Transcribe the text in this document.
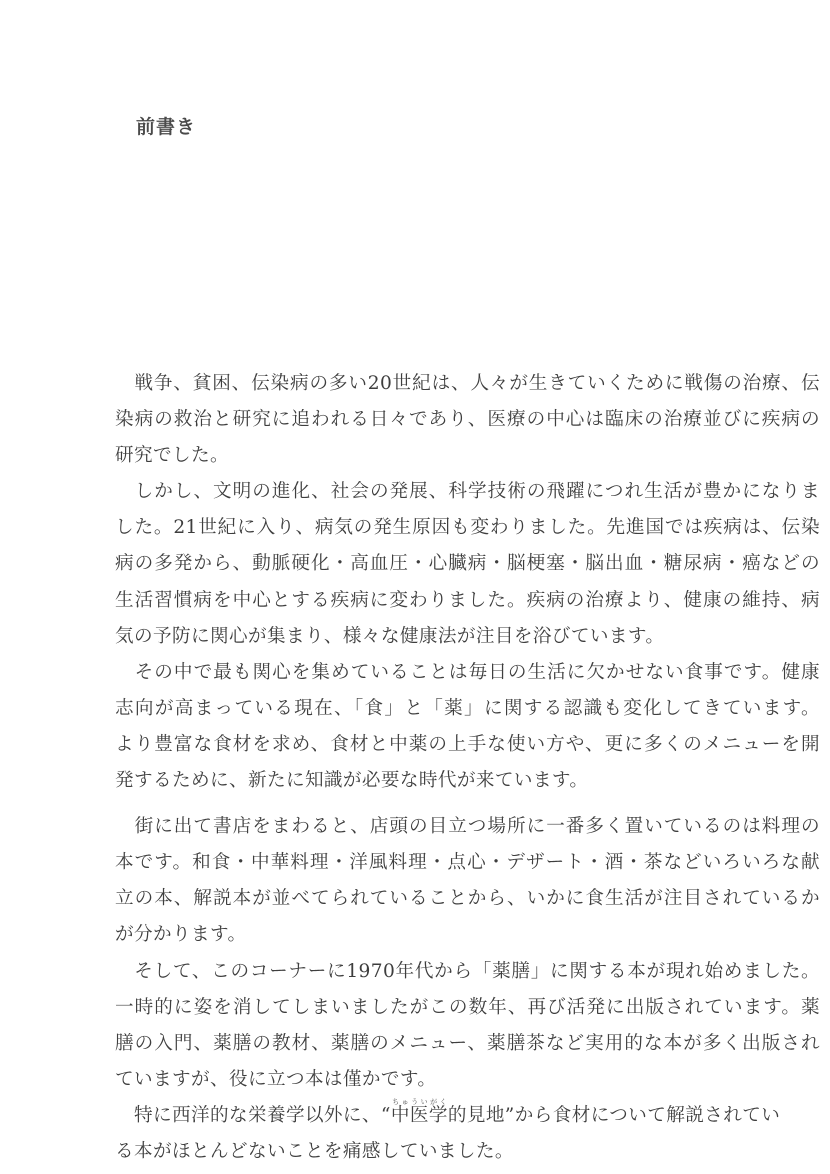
前書き
　戦争、貧困、伝染病の多い20世紀は、人々が生きていくために戦傷の治療、伝
染病の救治と研究に追われる日々であり、医療の中心は臨床の治療並びに疾病の
研究でした。
　しかし、文明の進化、社会の発展、科学技術の飛躍につれ生活が豊かになりま
した。21世紀に入り、病気の発生原因も変わりました。先進国では疾病は、伝染
病の多発から、動脈硬化・高血圧・心臓病・脳梗塞・脳出血・糖尿病・癌などの
生活習慣病を中心とする疾病に変わりました。疾病の治療より、健康の維持、病
気の予防に関心が集まり、様々な健康法が注目を浴びています。
　その中で最も関心を集めていることは毎日の生活に欠かせない食事です。健康
志向が高まっている現在、「食」と「薬」に関する認識も変化してきています。
より豊富な食材を求め、食材と中薬の上手な使い方や、更に多くのメニューを開
発するために、新たに知識が必要な時代が来ています。
　街に出て書店をまわると、店頭の目立つ場所に一番多く置いているのは料理の
本です。和食・中華料理・洋風料理・点心・デザート・酒・茶などいろいろな献
立の本、解説本が並べてられていることから、いかに食生活が注目されているか
が分かります。
　そして、このコーナーに1970年代から「薬膳」に関する本が現れ始めました。
一時的に姿を消してしまいましたがこの数年、再び活発に出版されています。薬
膳の入門、薬膳の教材、薬膳のメニュー、薬膳茶など実用的な本が多く出版され
ていますが、役に立つ本は僅かです。
　特に西洋的な栄養学以外に、“中医ちゅうい学がく的見地”から食材について解説されてい
る本がほとんどないことを痛感していました。
